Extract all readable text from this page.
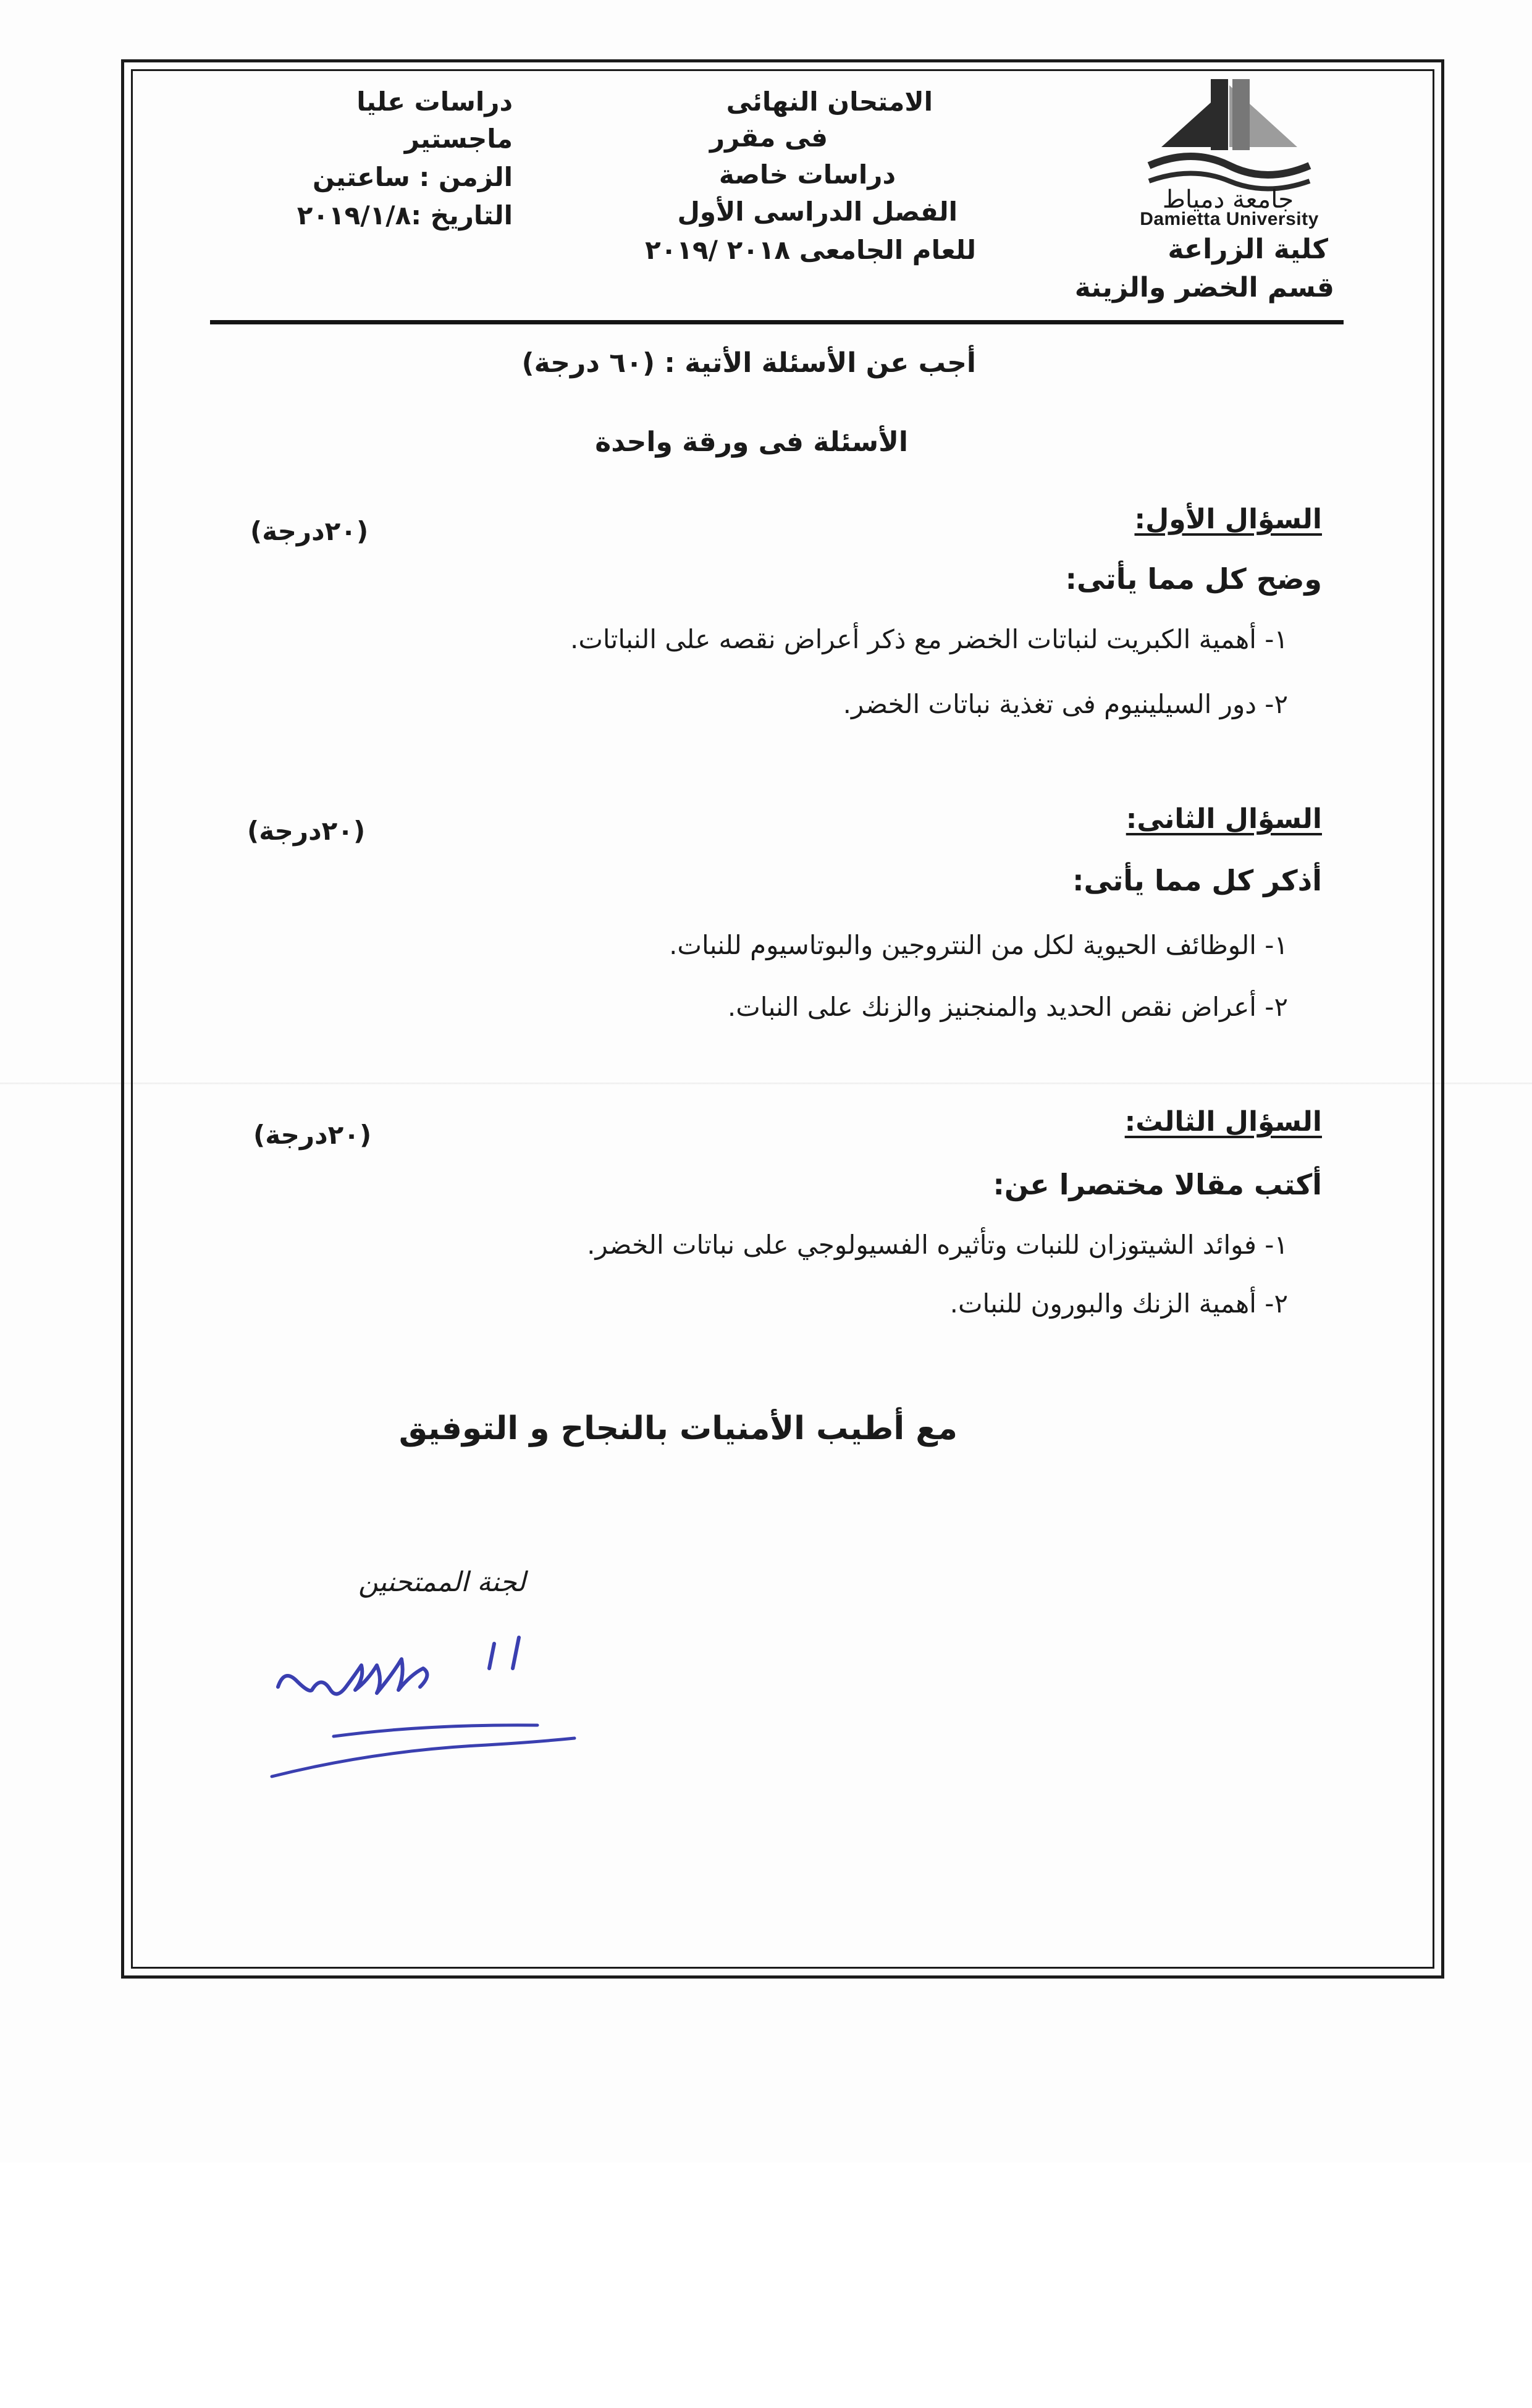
جامعة دمياط
Damietta University
كلية الزراعة
قسم الخضر والزينة
الامتحان النهائى
فى مقرر
دراسات خاصة
الفصل الدراسى الأول
للعام الجامعى ٢٠١٨ /٢٠١٩
دراسات عليا
ماجستير
الزمن : ساعتين
التاريخ :٢٠١٩/١/٨
أجب عن الأسئلة الأتية : (٦٠ درجة)
الأسئلة فى ورقة واحدة
السؤال الأول:
(٢٠درجة)
وضح كل مما يأتى:
١- أهمية الكبريت لنباتات الخضر مع ذكر أعراض نقصه على النباتات.
٢- دور السيلينيوم فى تغذية نباتات الخضر.
السؤال الثانى:
(٢٠درجة)
أذكر كل مما يأتى:
١- الوظائف الحيوية لكل من النتروجين والبوتاسيوم للنبات.
٢- أعراض نقص الحديد والمنجنيز والزنك على النبات.
السؤال الثالث:
(٢٠درجة)
أكتب مقالا مختصرا عن:
١- فوائد الشيتوزان للنبات وتأثيره الفسيولوجي على نباتات الخضر.
٢- أهمية الزنك والبورون للنبات.
مع أطيب الأمنيات بالنجاح و التوفيق
لجنة الممتحنين
